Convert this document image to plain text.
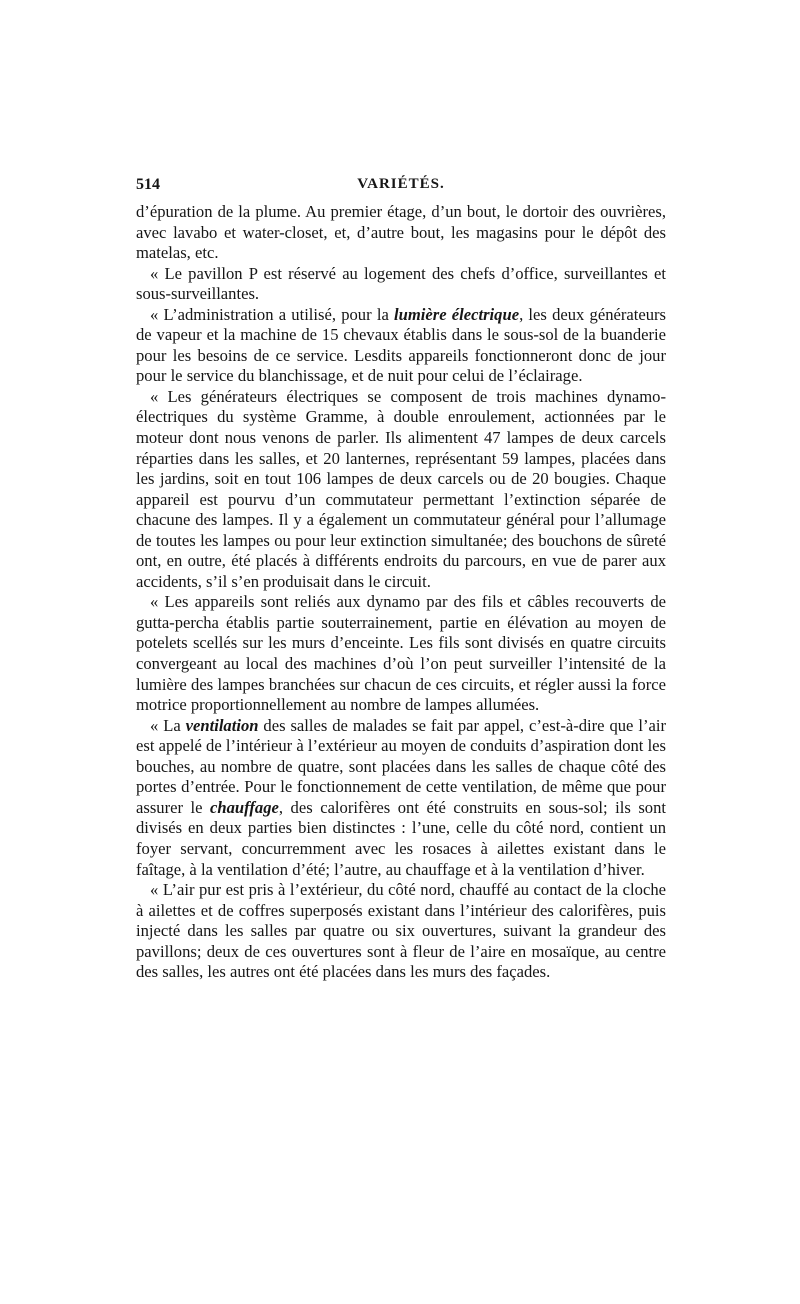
514	VARIÉTÉS.

d’épuration de la plume. Au premier étage, d’un bout, le dortoir des ouvrières, avec lavabo et water-closet, et, d’autre bout, les magasins pour le dépôt des matelas, etc.

« Le pavillon P est réservé au logement des chefs d’office, surveillantes et sous-surveillantes.

« L’administration a utilisé, pour la lumière électrique, les deux générateurs de vapeur et la machine de 15 chevaux établis dans le sous-sol de la buanderie pour les besoins de ce service. Lesdits appareils fonctionneront donc de jour pour le service du blanchissage, et de nuit pour celui de l’éclairage.

« Les générateurs électriques se composent de trois machines dynamo-électriques du système Gramme, à double enroulement, actionnées par le moteur dont nous venons de parler. Ils alimentent 47 lampes de deux carcels réparties dans les salles, et 20 lanternes, représentant 59 lampes, placées dans les jardins, soit en tout 106 lampes de deux carcels ou de 20 bougies. Chaque appareil est pourvu d’un commutateur permettant l’extinction séparée de chacune des lampes. Il y a également un commutateur général pour l’allumage de toutes les lampes ou pour leur extinction simultanée; des bouchons de sûreté ont, en outre, été placés à différents endroits du parcours, en vue de parer aux accidents, s’il s’en produisait dans le circuit.

« Les appareils sont reliés aux dynamo par des fils et câbles recouverts de gutta-percha établis partie souterrainement, partie en élévation au moyen de potelets scellés sur les murs d’enceinte. Les fils sont divisés en quatre circuits convergeant au local des machines d’où l’on peut surveiller l’intensité de la lumière des lampes branchées sur chacun de ces circuits, et régler aussi la force motrice proportionnellement au nombre de lampes allumées.

« La ventilation des salles de malades se fait par appel, c’est-à-dire que l’air est appelé de l’intérieur à l’extérieur au moyen de conduits d’aspiration dont les bouches, au nombre de quatre, sont placées dans les salles de chaque côté des portes d’entrée. Pour le fonctionnement de cette ventilation, de même que pour assurer le chauffage, des calorifères ont été construits en sous-sol; ils sont divisés en deux parties bien distinctes : l’une, celle du côté nord, contient un foyer servant, concurremment avec les rosaces à ailettes existant dans le faîtage, à la ventilation d’été; l’autre, au chauffage et à la ventilation d’hiver.

« L’air pur est pris à l’extérieur, du côté nord, chauffé au contact de la cloche à ailettes et de coffres superposés existant dans l’intérieur des calorifères, puis injecté dans les salles par quatre ou six ouvertures, suivant la grandeur des pavillons; deux de ces ouvertures sont à fleur de l’aire en mosaïque, au centre des salles, les autres ont été placées dans les murs des façades.
